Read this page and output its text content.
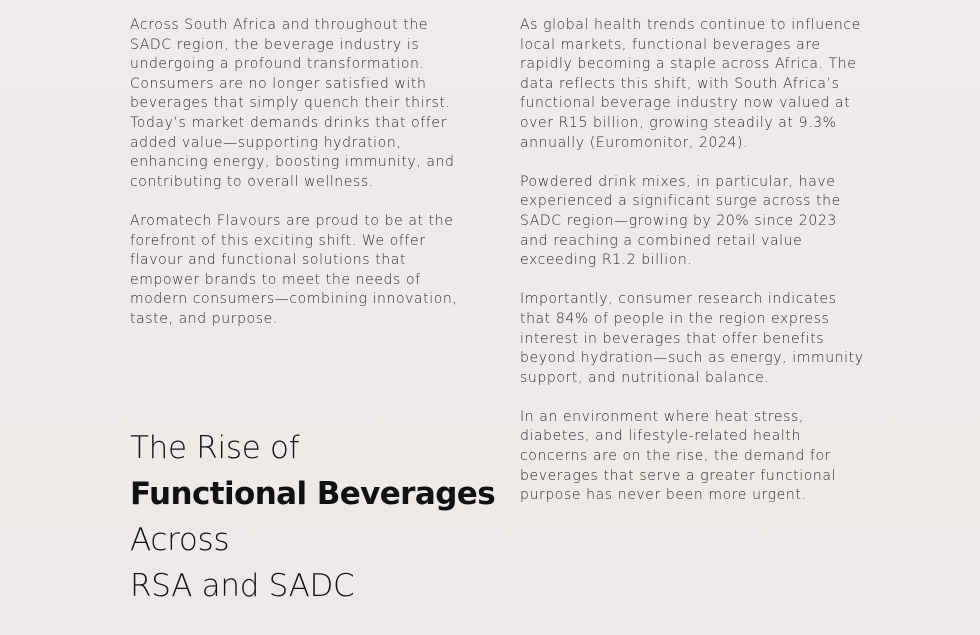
Across South Africa and throughout the SADC region, the beverage industry is undergoing a profound transformation. Consumers are no longer satisfied with beverages that simply quench their thirst. Today’s market demands drinks that offer added value—supporting hydration, enhancing energy, boosting immunity, and contributing to overall wellness.

Aromatech Flavours are proud to be at the forefront of this exciting shift. We offer flavour and functional solutions that empower brands to meet the needs of modern consumers—combining innovation, taste, and purpose.

The Rise of
Functional Beverages
Across
RSA and SADC

As global health trends continue to influence local markets, functional beverages are rapidly becoming a staple across Africa. The data reflects this shift, with South Africa’s functional beverage industry now valued at over R15 billion, growing steadily at 9.3% annually (Euromonitor, 2024).

Powdered drink mixes, in particular, have experienced a significant surge across the SADC region—growing by 20% since 2023 and reaching a combined retail value exceeding R1.2 billion.

Importantly, consumer research indicates that 84% of people in the region express interest in beverages that offer benefits beyond hydration—such as energy, immunity support, and nutritional balance.

In an environment where heat stress, diabetes, and lifestyle-related health concerns are on the rise, the demand for beverages that serve a greater functional purpose has never been more urgent.
